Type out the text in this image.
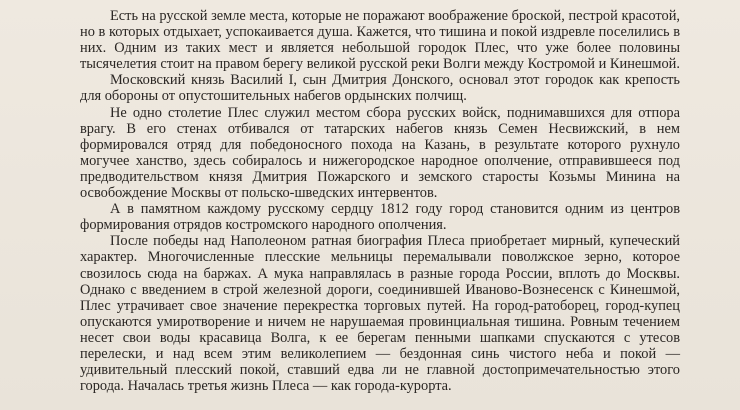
Есть на русской земле места, которые не поражают воображение броской, пестрой красотой, но в которых отдыхает, успокаивается душа. Кажется, что тишина и покой издревле поселились в них. Одним из таких мест и является небольшой городок Плес, что уже более половины тысячелетия стоит на правом берегу великой русской реки Волги между Костромой и Кинешмой.

Московский князь Василий I, сын Дмитрия Донского, основал этот городок как крепость для обороны от опустошительных набегов ордынских полчищ.

Не одно столетие Плес служил местом сбора русских войск, поднимавшихся для отпора врагу. В его стенах отбивался от татарских набегов князь Семен Несвижский, в нем формировался отряд для победоносного похода на Казань, в результате которого рухнуло могучее ханство, здесь собиралось и нижегородское народное ополчение, отправившееся под предводительством князя Дмитрия Пожарского и земского старосты Козьмы Минина на освобождение Москвы от польско-шведских интервентов.

А в памятном каждому русскому сердцу 1812 году город становится одним из центров формирования отрядов костромского народного ополчения.

После победы над Наполеоном ратная биография Плеса приобретает мирный, купеческий характер. Многочисленные плесские мельницы перемалывали поволжское зерно, которое свозилось сюда на баржах. А мука направлялась в разные города России, вплоть до Москвы. Однако с введением в строй железной дороги, соединившей Иваново-Вознесенск с Кинешмой, Плес утрачивает свое значение перекрестка торговых путей. На город-ратоборец, город-купец опускаются умиротворение и ничем не нарушаемая провинциальная тишина. Ровным течением несет свои воды красавица Волга, к ее берегам пенными шапками спускаются с утесов перелески, и над всем этим великолепием — бездонная синь чистого неба и покой — удивительный плесский покой, ставший едва ли не главной достопримечательностью этого города. Началась третья жизнь Плеса — как города-курорта.
